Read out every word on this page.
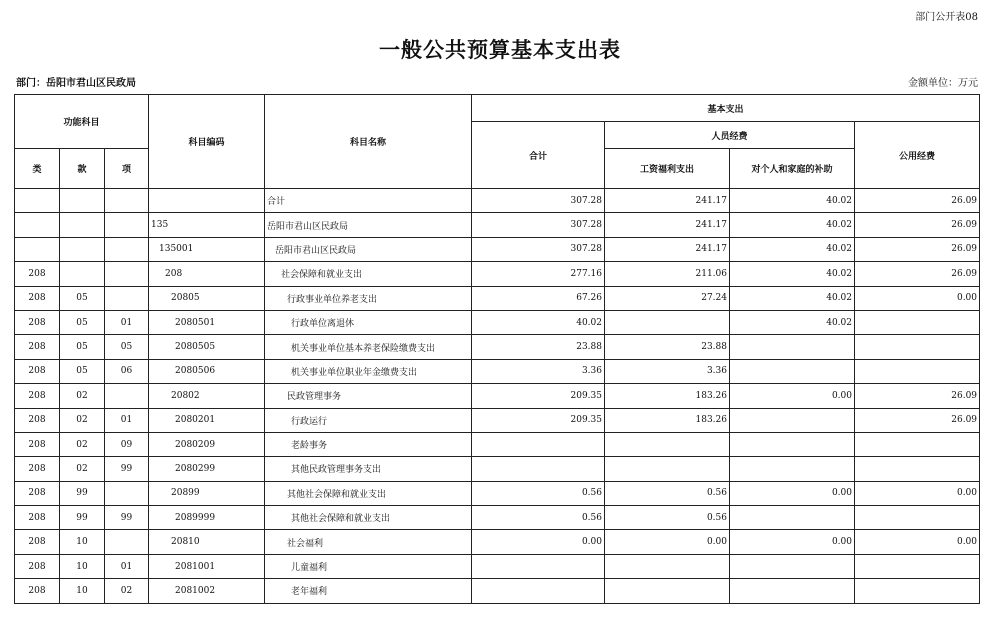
部门公开表08
一般公共预算基本支出表
部门：岳阳市君山区民政局	金额单位：万元
功能科目			科目编码	科目名称	基本支出			
					合计	人员经费		公用经费
类	款	项				工资福利支出	对个人和家庭的补助	
				合计	307.28	241.17	40.02	26.09
			135	岳阳市君山区民政局	307.28	241.17	40.02	26.09
			135001	岳阳市君山区民政局	307.28	241.17	40.02	26.09
208			208	社会保障和就业支出	277.16	211.06	40.02	26.09
208	05		20805	行政事业单位养老支出	67.26	27.24	40.02	0.00
208	05	01	2080501	行政单位离退休	40.02		40.02	
208	05	05	2080505	机关事业单位基本养老保险缴费支出	23.88	23.88		
208	05	06	2080506	机关事业单位职业年金缴费支出	3.36	3.36		
208	02		20802	民政管理事务	209.35	183.26	0.00	26.09
208	02	01	2080201	行政运行	209.35	183.26		26.09
208	02	09	2080209	老龄事务				
208	02	99	2080299	其他民政管理事务支出				
208	99		20899	其他社会保障和就业支出	0.56	0.56	0.00	0.00
208	99	99	2089999	其他社会保障和就业支出	0.56	0.56		
208	10		20810	社会福利	0.00	0.00	0.00	0.00
208	10	01	2081001	儿童福利				
208	10	02	2081002	老年福利				
